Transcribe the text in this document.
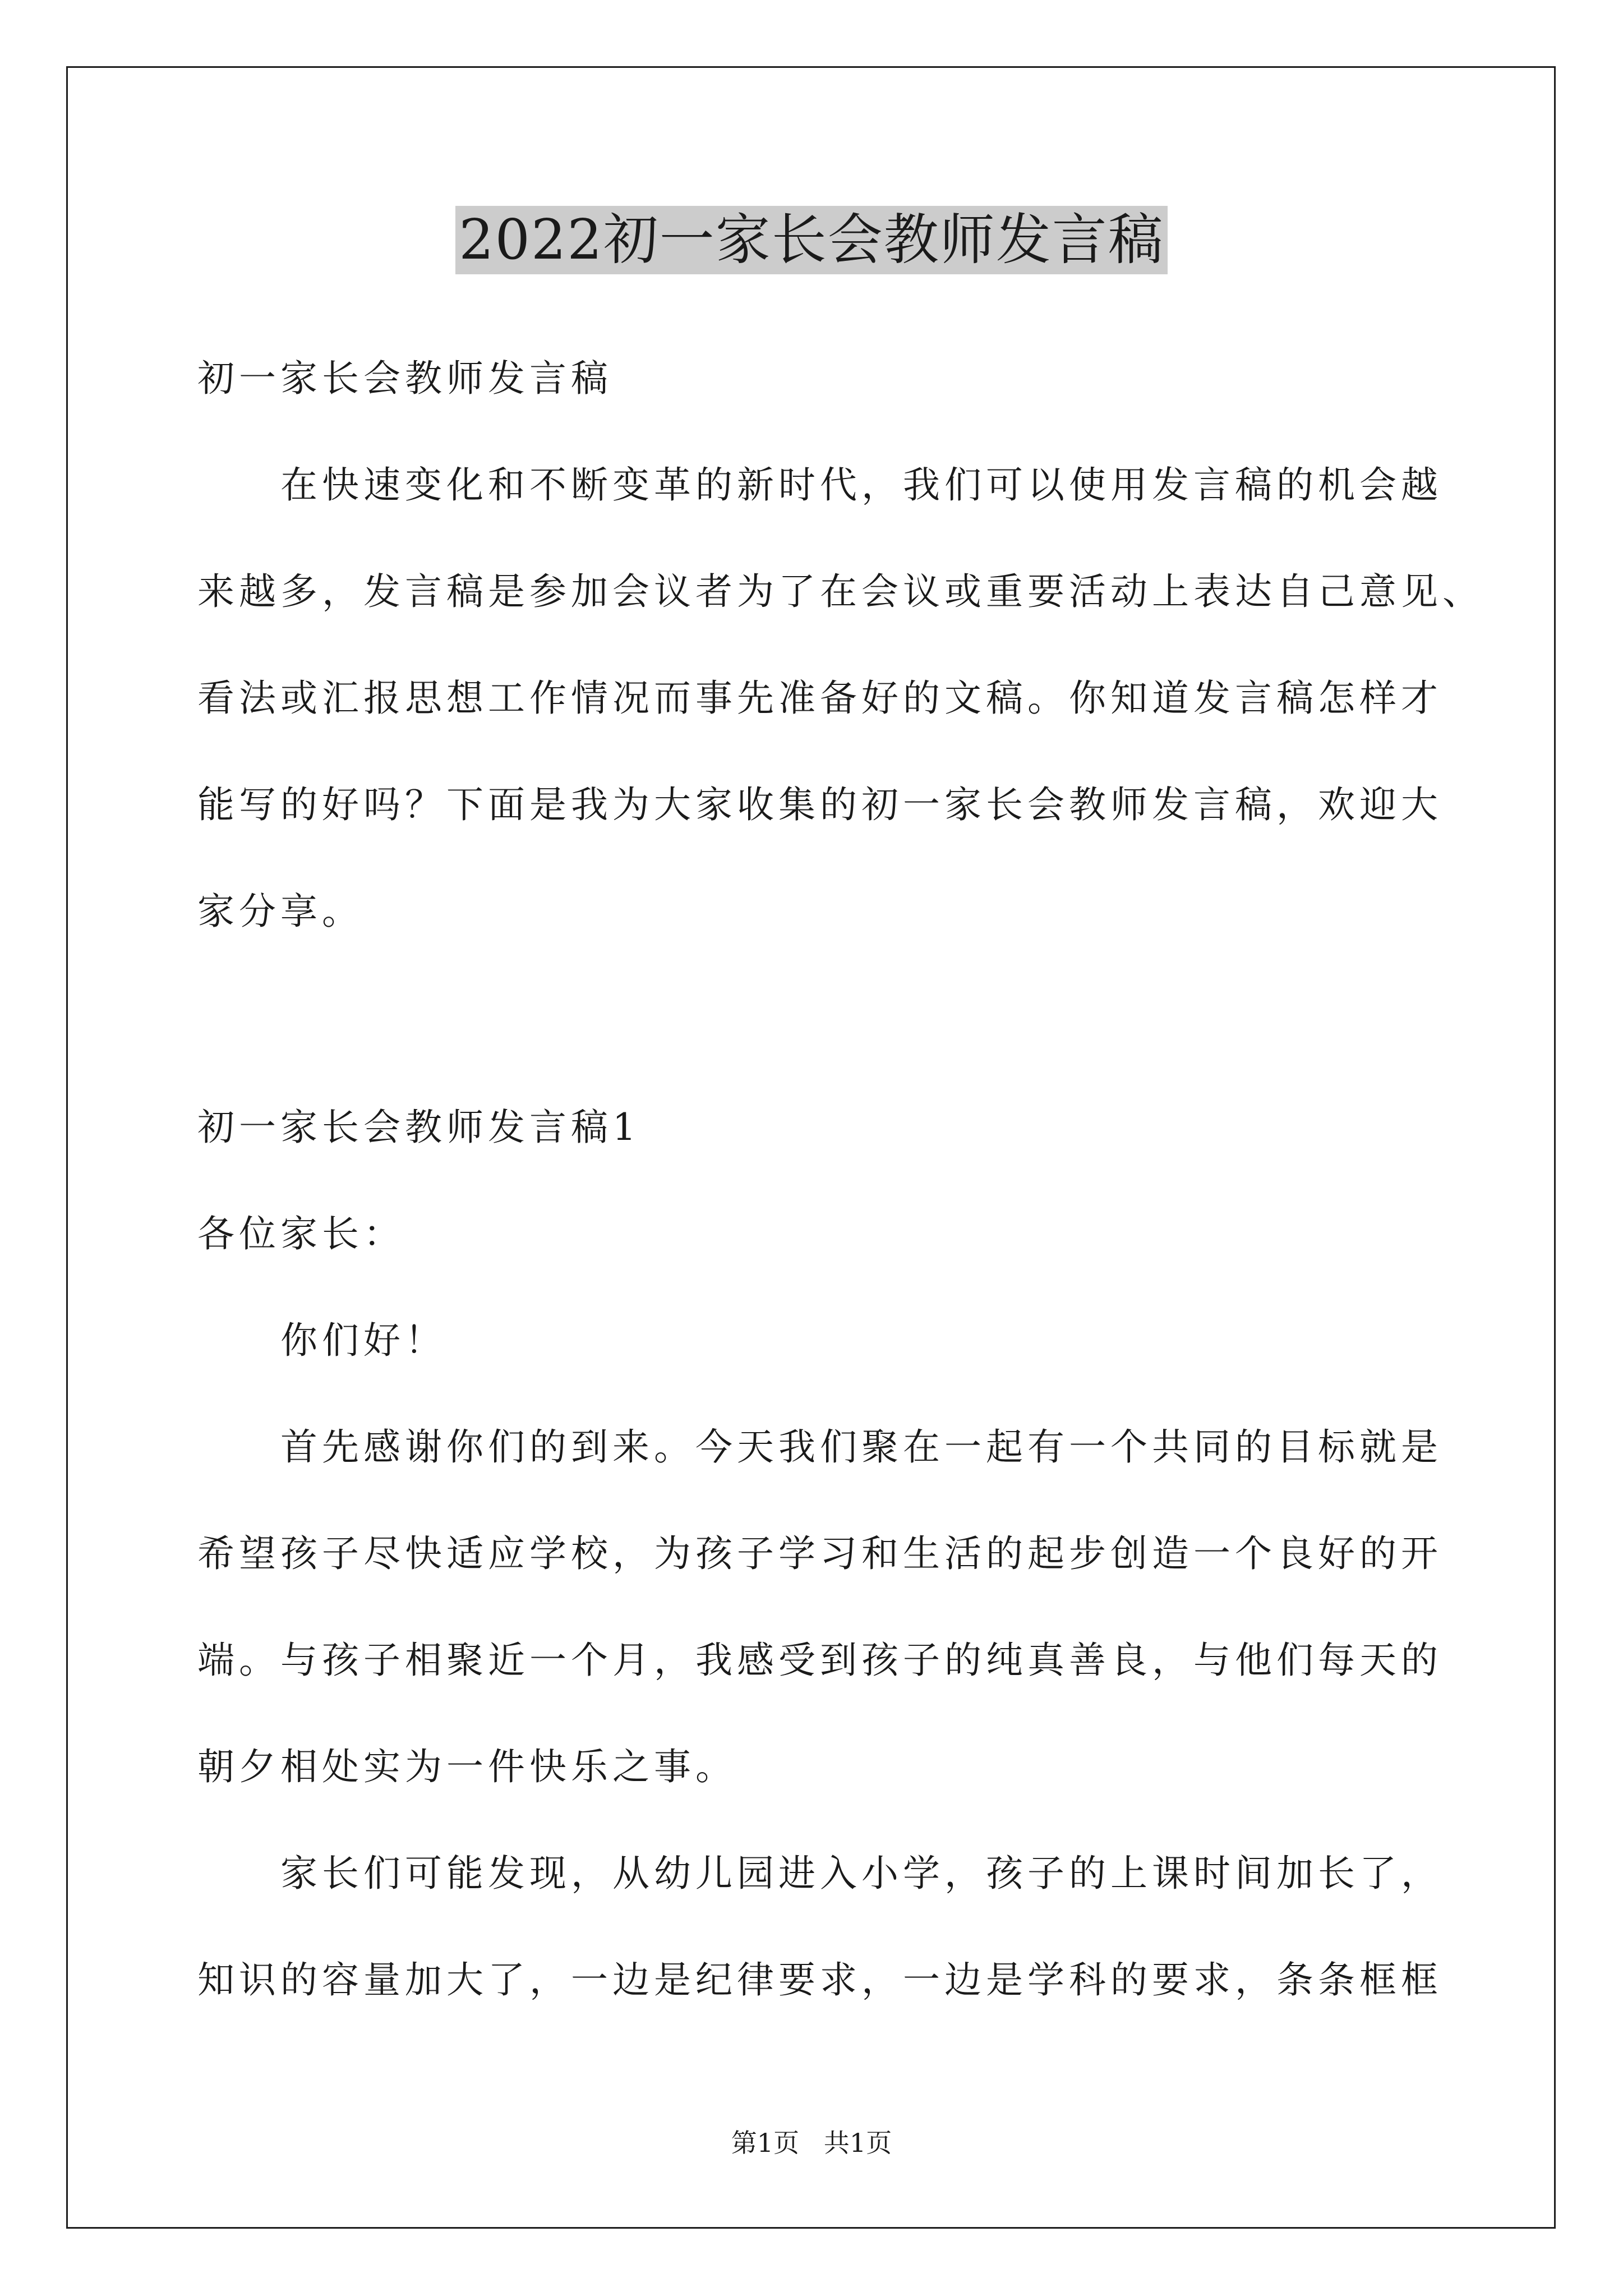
2022初一家长会教师发言稿
初一家长会教师发言稿
在快速变化和不断变革的新时代，我们可以使用发言稿的机会越
来越多，发言稿是参加会议者为了在会议或重要活动上表达自己意见、
看法或汇报思想工作情况而事先准备好的文稿。你知道发言稿怎样才
能写的好吗？下面是我为大家收集的初一家长会教师发言稿，欢迎大
家分享。
初一家长会教师发言稿1
各位家长：
你们好！
首先感谢你们的到来。今天我们聚在一起有一个共同的目标就是
希望孩子尽快适应学校，为孩子学习和生活的起步创造一个良好的开
端。与孩子相聚近一个月，我感受到孩子的纯真善良，与他们每天的
朝夕相处实为一件快乐之事。
家长们可能发现，从幼儿园进入小学，孩子的上课时间加长了，
知识的容量加大了，一边是纪律要求，一边是学科的要求，条条框框
第1页   共1页
